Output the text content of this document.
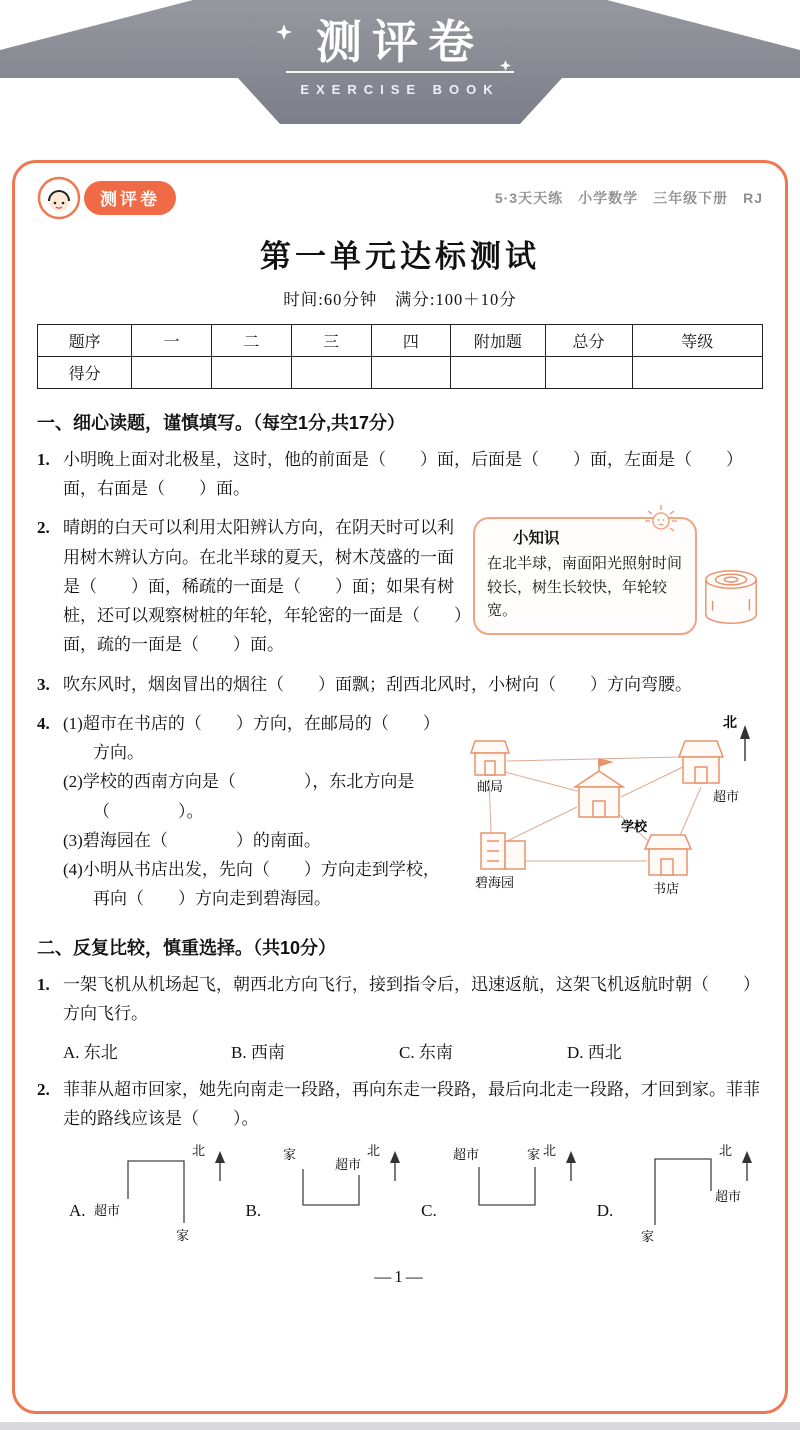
测评卷
EXERCISE BOOK
测评卷	5·3天天练　小学数学　三年级下册　RJ
第一单元达标测试
时间:60分钟　满分:100＋10分
题序	一	二	三	四	附加题	总分	等级
得分							
一、细心读题，谨慎填写。（每空1分,共17分）
1. 小明晚上面对北极星，这时，他的前面是（　　）面，后面是（　　）面，左面是（　　）面，右面是（　　）面。
2.
小知识
在北半球，南面阳光照射时间较长，树生长较快，年轮较宽。
晴朗的白天可以利用太阳辨认方向，在阴天时可以利用树木辨认方向。在北半球的夏天，树木茂盛的一面是（　　）面，稀疏的一面是（　　）面；如果有树桩，还可以观察树桩的年轮，年轮密的一面是（　　）面，疏的一面是（　　）面。
3. 吹东风时，烟囱冒出的烟往（　　）面飘；刮西北风时，小树向（　　）方向弯腰。
4.	北
邮局
超市
学校
碧海园	书店
(1)超市在书店的（　　）方向，在邮局的（　　）方向。
(2)学校的西南方向是（　　　　），东北方向是（　　　　）。
(3)碧海园在（　　　　）的南面。
(4)小明从书店出发，先向（　　）方向走到学校，再向（　　）方向走到碧海园。
二、反复比较，慎重选择。（共10分）
1. 一架飞机从机场起飞，朝西北方向飞行，接到指令后，迅速返航，这架飞机返航时朝（　　）方向飞行。
A. 东北	B. 西南	C. 东南	D. 西北
2. 菲菲从超市回家，她先向南走一段路，再向东走一段路，最后向北走一段路，才回到家。菲菲走的路线应该是（　　）。
A.
北
超市
家
B.
北
家
超市
C.
北
超市	家
D.
北
超市
家
—1—
